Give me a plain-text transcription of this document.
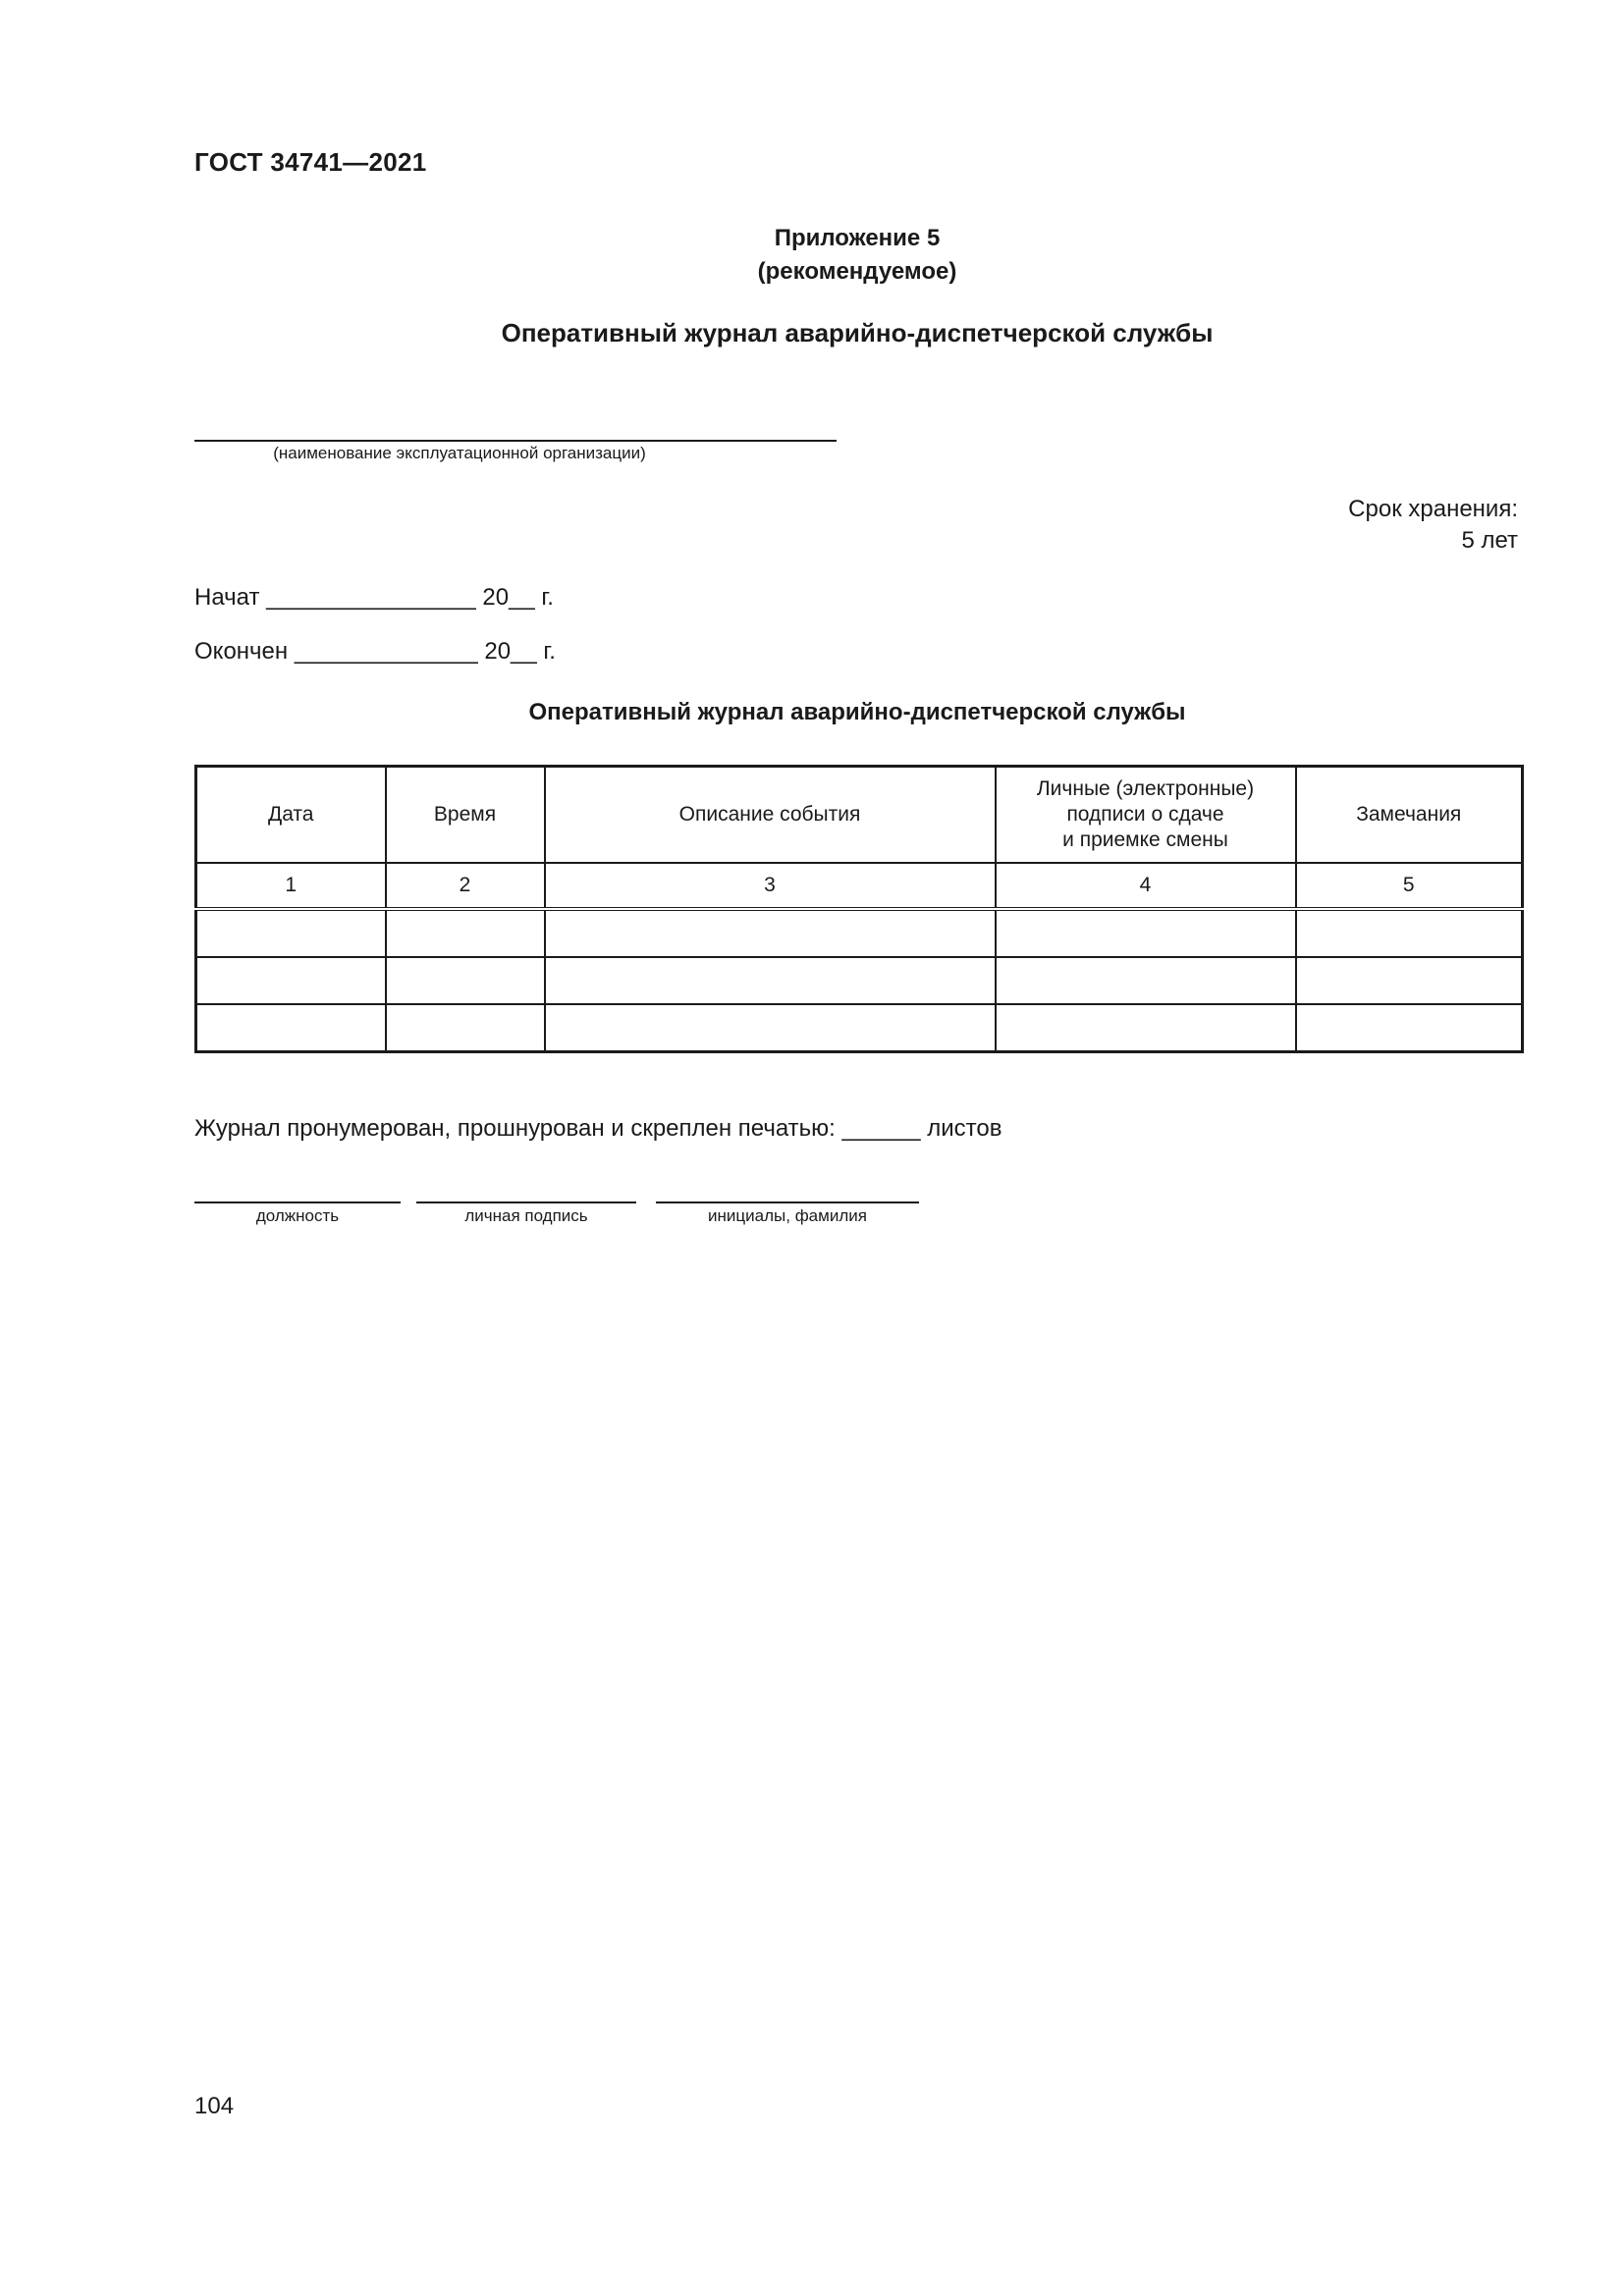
ГОСТ 34741—2021
Приложение 5
(рекомендуемое)
Оперативный журнал аварийно-диспетчерской службы
(наименование эксплуатационной организации)
Срок хранения:
5 лет
Начат ________________ 20__ г.
Окончен ______________ 20__ г.
Оперативный журнал аварийно-диспетчерской службы
Дата	Время	Описание события	Личные (электронные)
подписи о сдаче
и приемке смены	Замечания
1	2	3	4	5

Журнал пронумерован, прошнурован и скреплен печатью: ______ листов
должность	личная подпись	инициалы, фамилия
104
